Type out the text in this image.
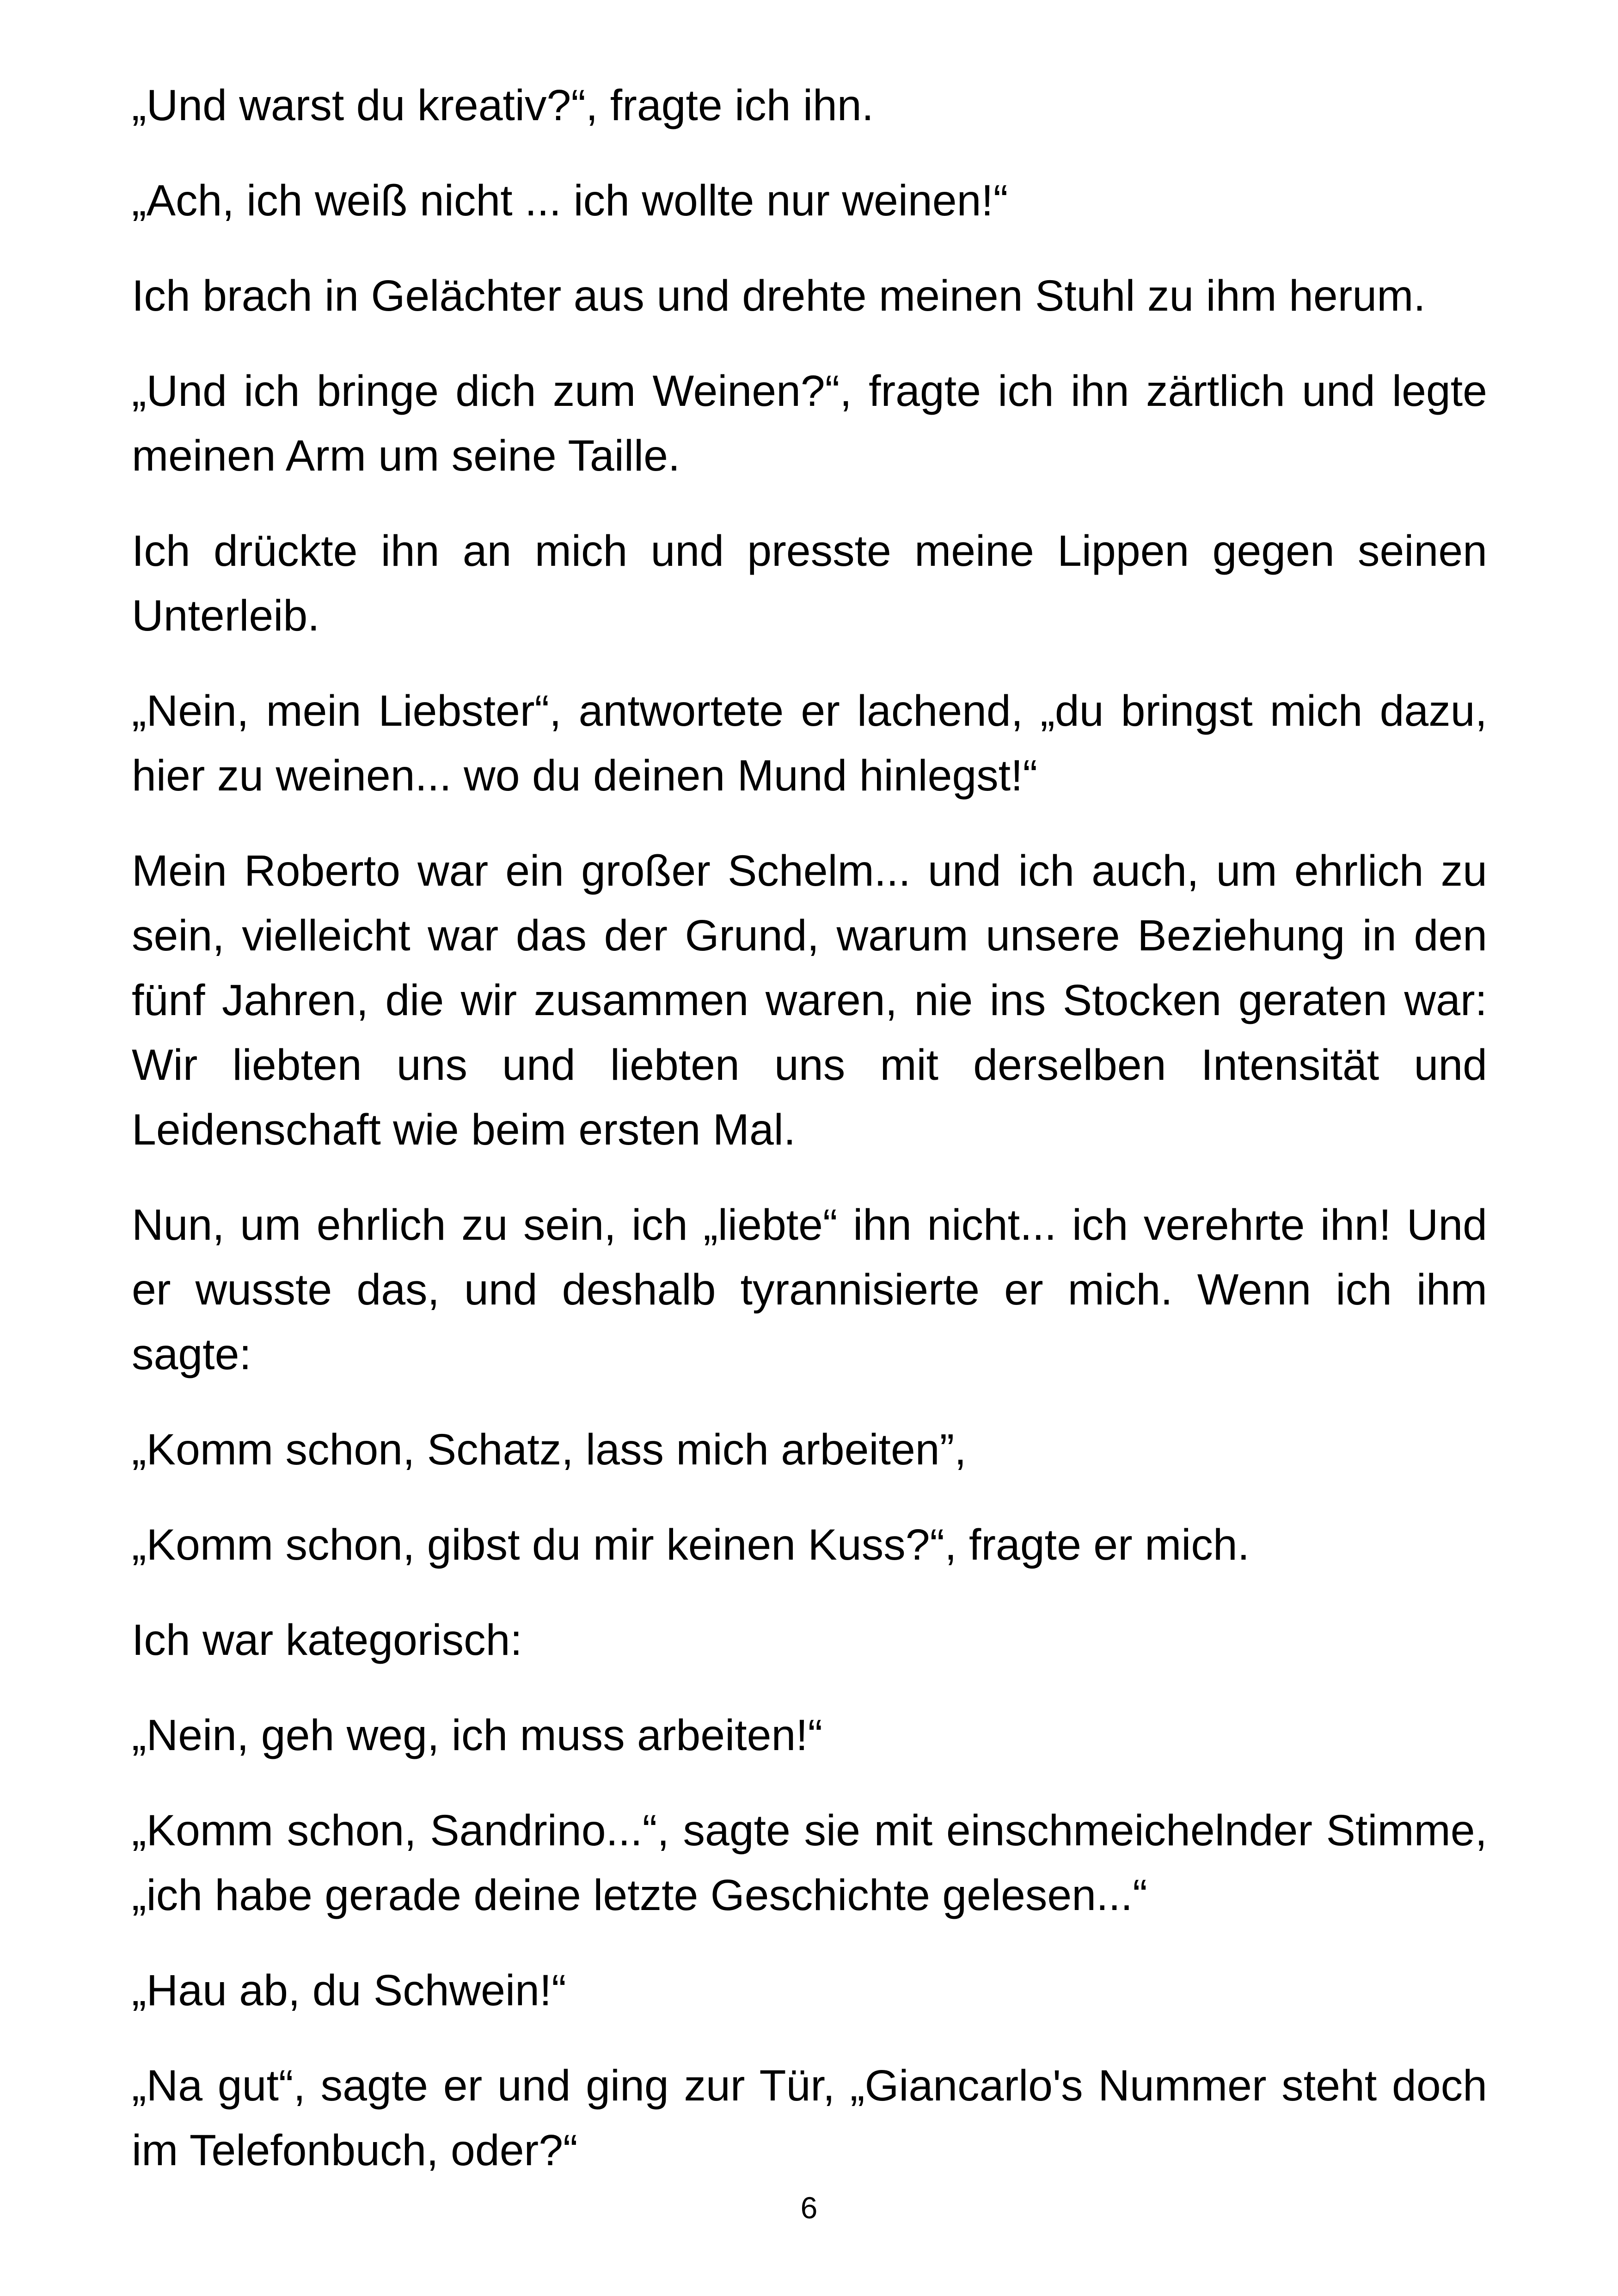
„Und warst du kreativ?“, fragte ich ihn.

„Ach, ich weiß nicht ... ich wollte nur weinen!“

Ich brach in Gelächter aus und drehte meinen Stuhl zu ihm herum.

„Und ich bringe dich zum Weinen?“, fragte ich ihn zärtlich und legte meinen Arm um seine Taille.

Ich drückte ihn an mich und presste meine Lippen gegen seinen Unterleib.

„Nein, mein Liebster“, antwortete er lachend, „du bringst mich dazu, hier zu weinen... wo du deinen Mund hinlegst!“

Mein Roberto war ein großer Schelm... und ich auch, um ehrlich zu sein, vielleicht war das der Grund, warum unsere Beziehung in den fünf Jahren, die wir zusammen waren, nie ins Stocken geraten war: Wir liebten uns und liebten uns mit derselben Intensität und Leidenschaft wie beim ersten Mal.

Nun, um ehrlich zu sein, ich „liebte“ ihn nicht... ich verehrte ihn! Und er wusste das, und deshalb tyrannisierte er mich. Wenn ich ihm sagte:

„Komm schon, Schatz, lass mich arbeiten”,

„Komm schon, gibst du mir keinen Kuss?“, fragte er mich.

Ich war kategorisch:

„Nein, geh weg, ich muss arbeiten!“

„Komm schon, Sandrino...“, sagte sie mit einschmeichelnder Stimme, „ich habe gerade deine letzte Geschichte gelesen...“

„Hau ab, du Schwein!“

„Na gut“, sagte er und ging zur Tür, „Giancarlo's Nummer steht doch im Telefonbuch, oder?“

6
